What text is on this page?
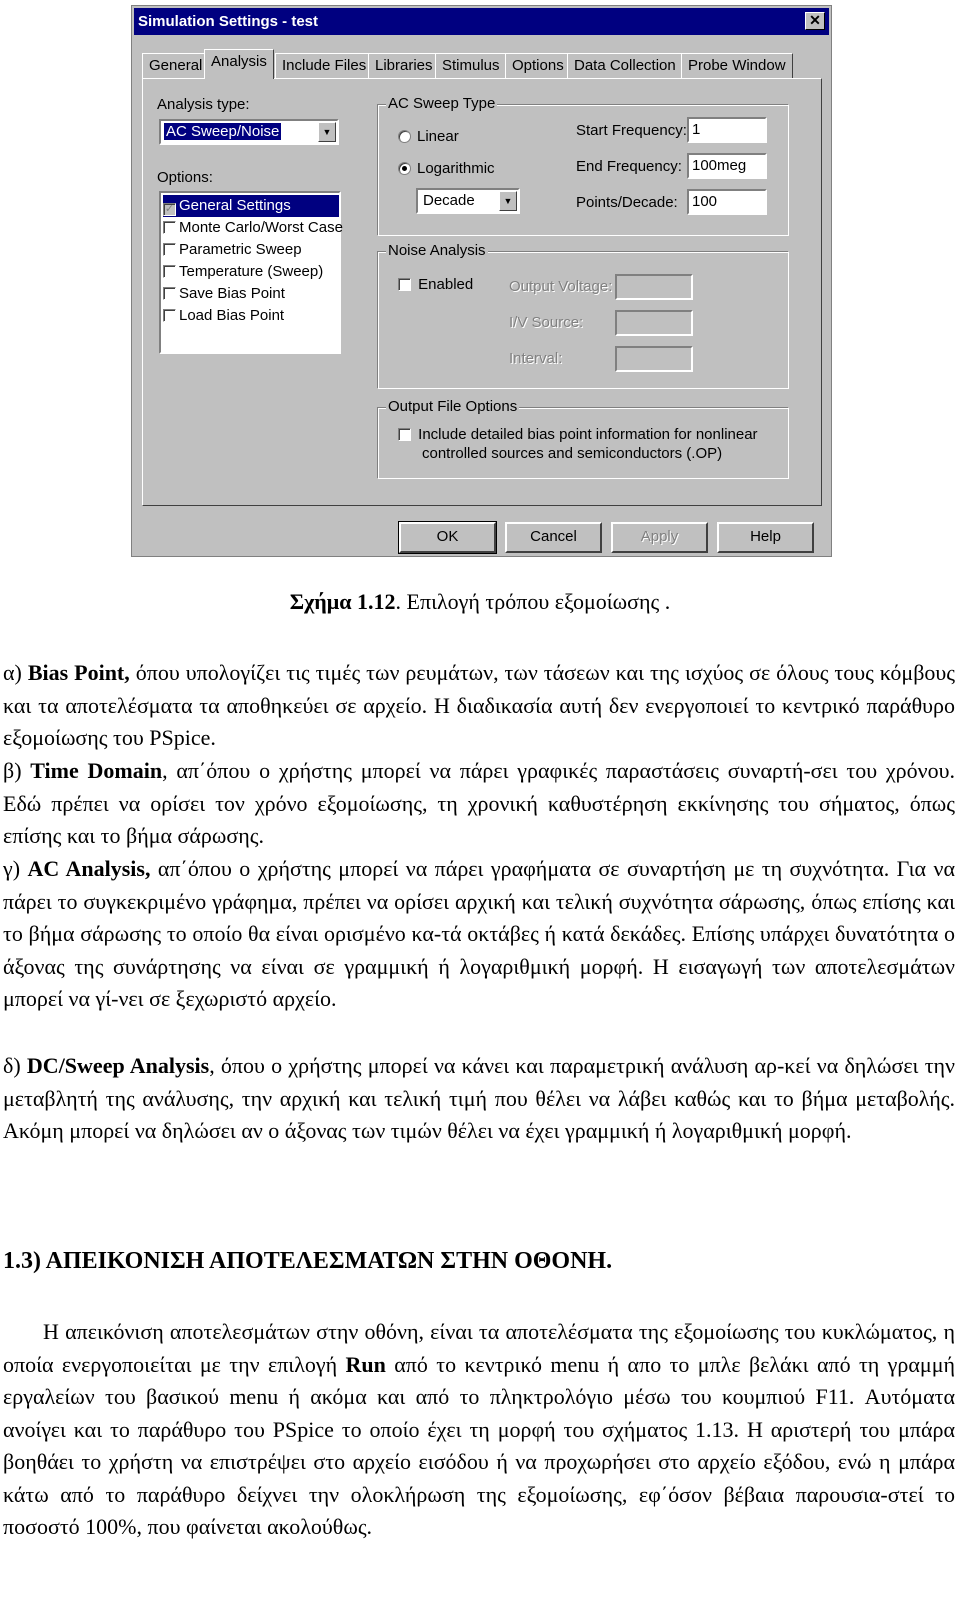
Simulation Settings - test	✕
General Analysis	Include Files Libraries Stimulus Options Data Collection Probe Window
Analysis type:
AC Sweep/Noise	▼
Options:
✓ General Settings
Monte Carlo/Worst Case
Parametric Sweep
Temperature (Sweep)
Save Bias Point
Load Bias Point
AC Sweep Type
Linear
Logarithmic
Decade	▼
Start Frequency: 1
End Frequency: 100meg
Points/Decade: 100
Noise Analysis
Enabled Output Voltage:
I/V Source:
Interval:
Output File Options
Include detailed bias point information for nonlinear
controlled sources and semiconductors (.OP)
OK	Cancel	Apply	Help
Σχήμα 1.12. Επιλογή τρόπου εξομοίωσης .
α) Bias Point, όπου υπολογίζει τις τιμές των ρευμάτων, των τάσεων και της ισχύος σε όλους τους κόμβους και τα αποτελέσματα τα αποθηκεύει σε αρχείο. Η διαδικασία αυτή δεν ενεργοποιεί το κεντρικό παράθυρο εξομοίωσης του PSpice.
β) Time Domain, απ΄όπου ο χρήστης μπορεί να πάρει γραφικές παραστάσεις συναρτή-σει του χρόνου. Εδώ πρέπει να ορίσει τον χρόνο εξομοίωσης, τη χρονική καθυστέρηση εκκίνησης του σήματος, όπως επίσης και το βήμα σάρωσης.
γ) AC Analysis, απ΄όπου ο χρήστης μπορεί να πάρει γραφήματα σε συναρτήση με τη συχνότητα. Για να πάρει το συγκεκριμένο γράφημα, πρέπει να ορίσει αρχική και τελική συχνότητα σάρωσης, όπως επίσης και το βήμα σάρωσης το οποίο θα είναι ορισμένο κα-τά οκτάβες ή κατά δεκάδες. Επίσης υπάρχει δυνατότητα ο άξονας της συνάρτησης να είναι σε γραμμική ή λογαριθμική μορφή. Η εισαγωγή των αποτελεσμάτων μπορεί να γί-νει σε ξεχωριστό αρχείο.
δ) DC/Sweep Analysis, όπου ο χρήστης μπορεί να κάνει και παραμετρική ανάλυση αρ-κεί να δηλώσει την μεταβλητή της ανάλυσης, την αρχική και τελική τιμή που θέλει να λάβει καθώς και το βήμα μεταβολής. Ακόμη μπορεί να δηλώσει αν ο άξονας των τιμών θέλει να έχει γραμμική ή λογαριθμική μορφή.
1.3) ΑΠΕΙΚΟΝΙΣΗ ΑΠΟΤΕΛΕΣΜΑΤΩΝ ΣΤΗΝ ΟΘΟΝΗ.
Η απεικόνιση αποτελεσμάτων στην οθόνη, είναι τα αποτελέσματα της εξομοίωσης του κυκλώματος, η οποία ενεργοποιείται με την επιλογή Run από το κεντρικό menu ή απο το μπλε βελάκι από τη γραμμή εργαλείων του βασικού menu ή ακόμα και από το πληκτρολόγιο μέσω του κουμπιού F11. Αυτόματα ανοίγει και το παράθυρο του PSpice το οποίο έχει τη μορφή του σχήματος 1.13. Η αριστερή του μπάρα βοηθάει το χρήστη να επιστρέψει στο αρχείο εισόδου ή να προχωρήσει στο αρχείο εξόδου, ενώ η μπάρα κάτω από το παράθυρο δείχνει την ολοκλήρωση της εξομοίωσης, εφ΄όσον βέβαια παρουσια-στεί το ποσοστό 100%, που φαίνεται ακολούθως.
